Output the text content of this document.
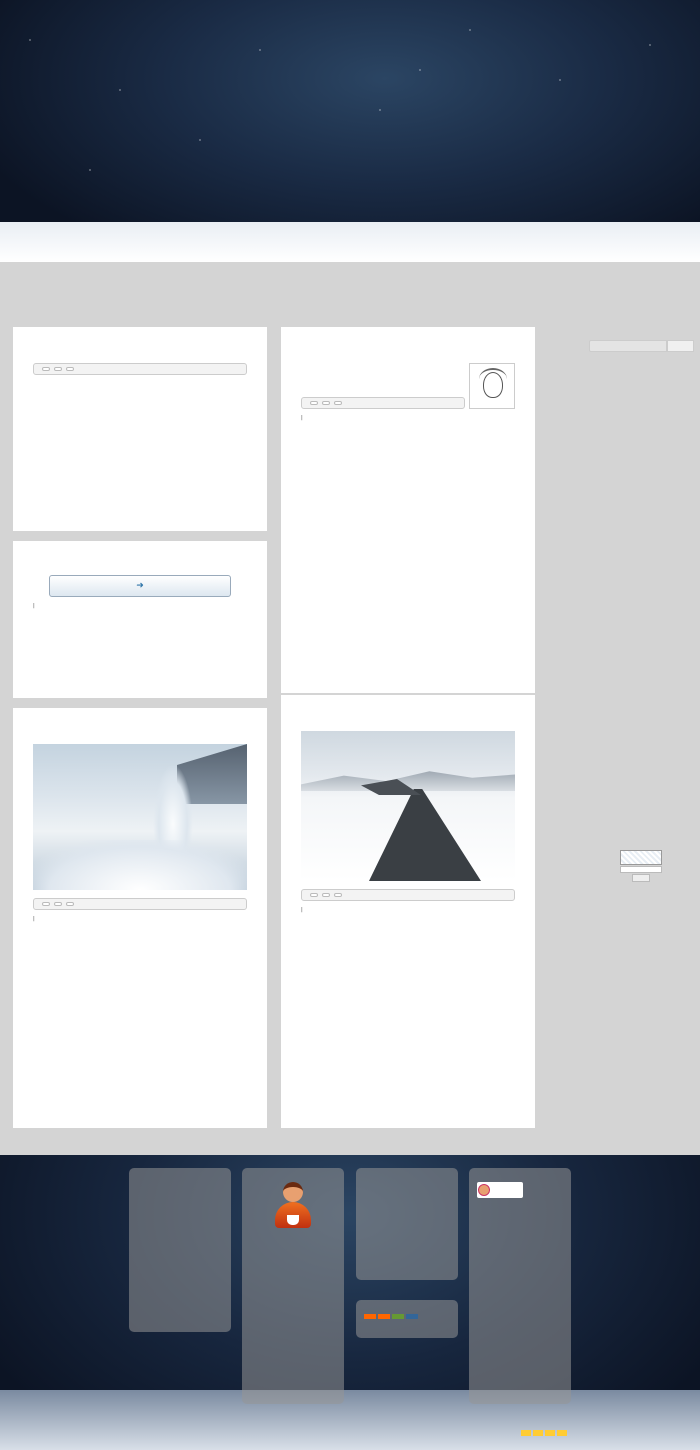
➜
|

|

|

|
